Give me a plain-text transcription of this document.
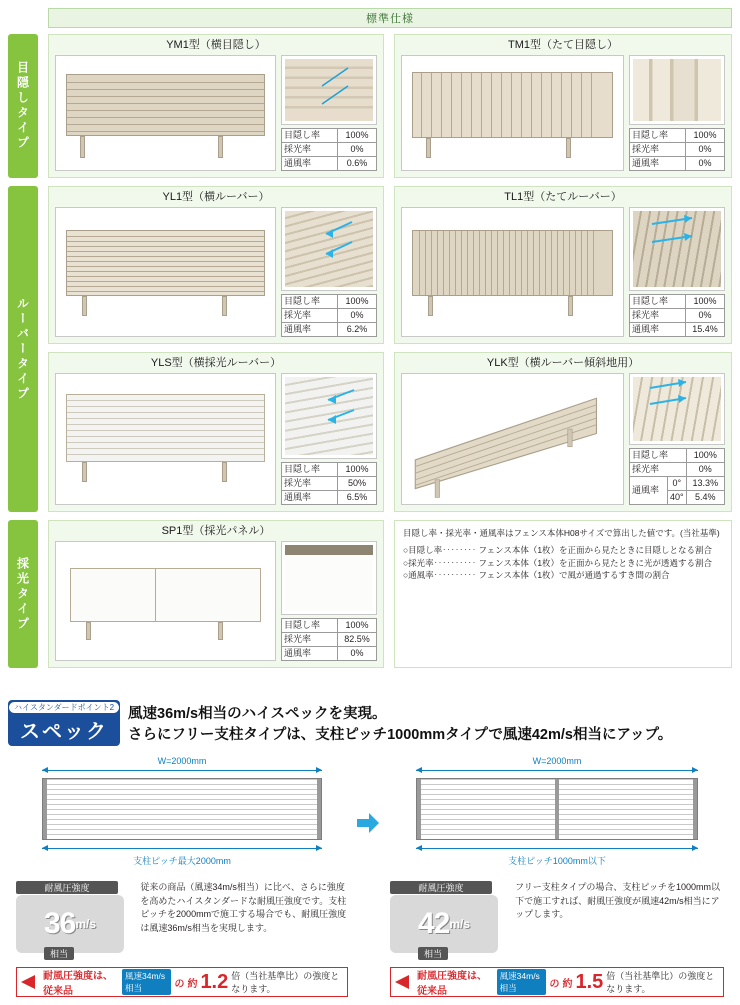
標準仕様
目隠しタイプ
ルーバータイプ
採光タイプ
YM1型（横目隠し）
目隠し率	100%
採光率	0%
通風率	0.6%
TM1型（たて目隠し）
目隠し率	100%
採光率	0%
通風率	0%
YL1型（横ルーバー）
目隠し率	100%
採光率	0%
通風率	6.2%
TL1型（たてルーバー）
目隠し率	100%
採光率	0%
通風率	15.4%
YLS型（横採光ルーバー）
目隠し率	100%
採光率	50%
通風率	6.5%
YLK型（横ルーバー傾斜地用）
目隠し率		100%
採光率		0%
通風率	0°	13.3%
	40°	5.4%
SP1型（採光パネル）
目隠し率	100%
採光率	82.5%
通風率	0%
目隠し率・採光率・通風率はフェンス本体H08サイズで算出した値です。(当社基準)
○目隠し率‥‥‥‥ フェンス本体（1枚）を正面から見たときに目隠しとなる割合
○採光率‥‥‥‥‥ フェンス本体（1枚）を正面から見たときに光が透過する割合
○通風率‥‥‥‥‥ フェンス本体（1枚）で風が通過するすき間の割合
ハイスタンダードポイント2
スペック
風速36m/s相当のハイスペックを実現。
さらにフリー支柱タイプは、支柱ピッチ1000mmタイプで風速42m/s相当にアップ。
W=2000mm
支柱ピッチ最大2000mm
耐風圧強度
36 m/s
相当
従来の商品（風速34m/s相当）に比べ、さらに強度を高めたハイスタンダードな耐風圧強度です。支柱ピッチを2000mmで施工する場合でも、耐風圧強度は風速36m/s相当を実現します。
耐風圧強度は、従来品
風速34m/s相当	の 約 1.2 倍（当社基準比）の強度となります。
W=2000mm
支柱ピッチ1000mm以下
耐風圧強度
42 m/s
相当
フリー支柱タイプの場合、支柱ピッチを1000mm以下で施工すれば、耐風圧強度が風速42m/s相当にアップします。
耐風圧強度は、従来品
風速34m/s相当	の 約 1.5 倍（当社基準比）の強度となります。
